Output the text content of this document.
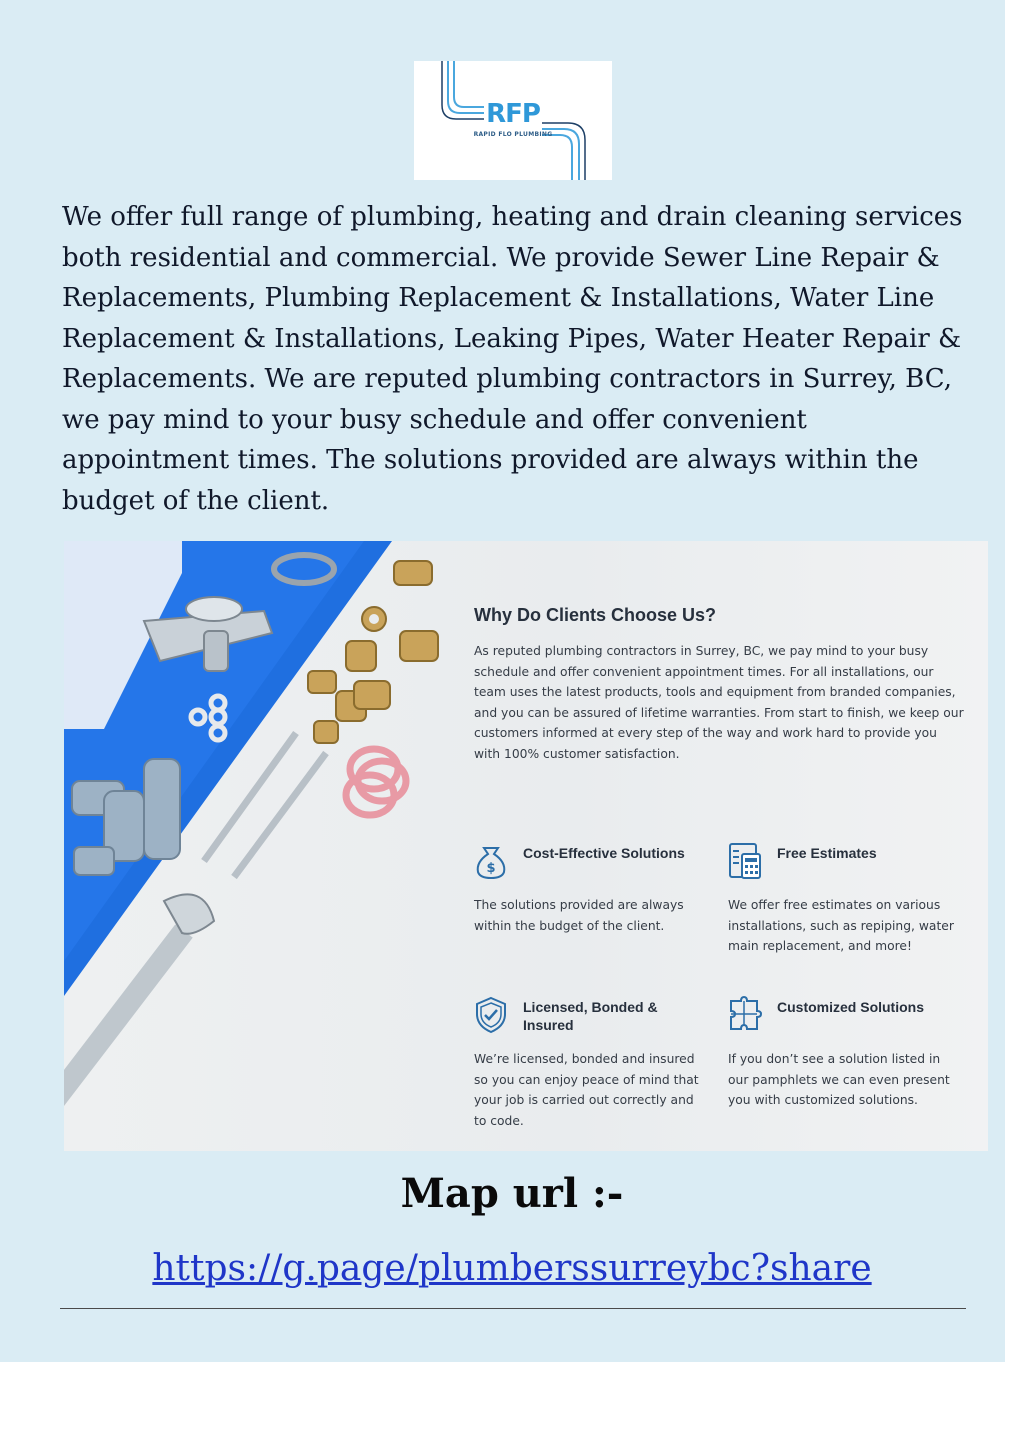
RFP
RAPID FLO PLUMBING

We offer full range of plumbing, heating and drain cleaning services both residential and commercial. We provide Sewer Line Repair & Replacements, Plumbing Replacement & Installations, Water Line Replacement & Installations, Leaking Pipes, Water Heater Repair & Replacements. We are reputed plumbing contractors in Surrey, BC, we pay mind to your busy schedule and offer convenient appointment times. The solutions provided are always within the budget of the client.

Why Do Clients Choose Us?

As reputed plumbing contractors in Surrey, BC, we pay mind to your busy schedule and offer convenient appointment times. For all installations, our team uses the latest products, tools and equipment from branded companies, and you can be assured of lifetime warranties. From start to finish, we keep our customers informed at every step of the way and work hard to provide you with 100% customer satisfaction.

$

Cost-Effective Solutions

The solutions provided are always within the budget of the client.

Free Estimates

We offer free estimates on various installations, such as repiping, water main replacement, and more!

Licensed, Bonded & Insured

We’re licensed, bonded and insured so you can enjoy peace of mind that your job is carried out correctly and to code.

Customized Solutions

If you don’t see a solution listed in our pamphlets we can even present you with customized solutions.

Map url :-
https://g.page/plumberssurreybc?share
